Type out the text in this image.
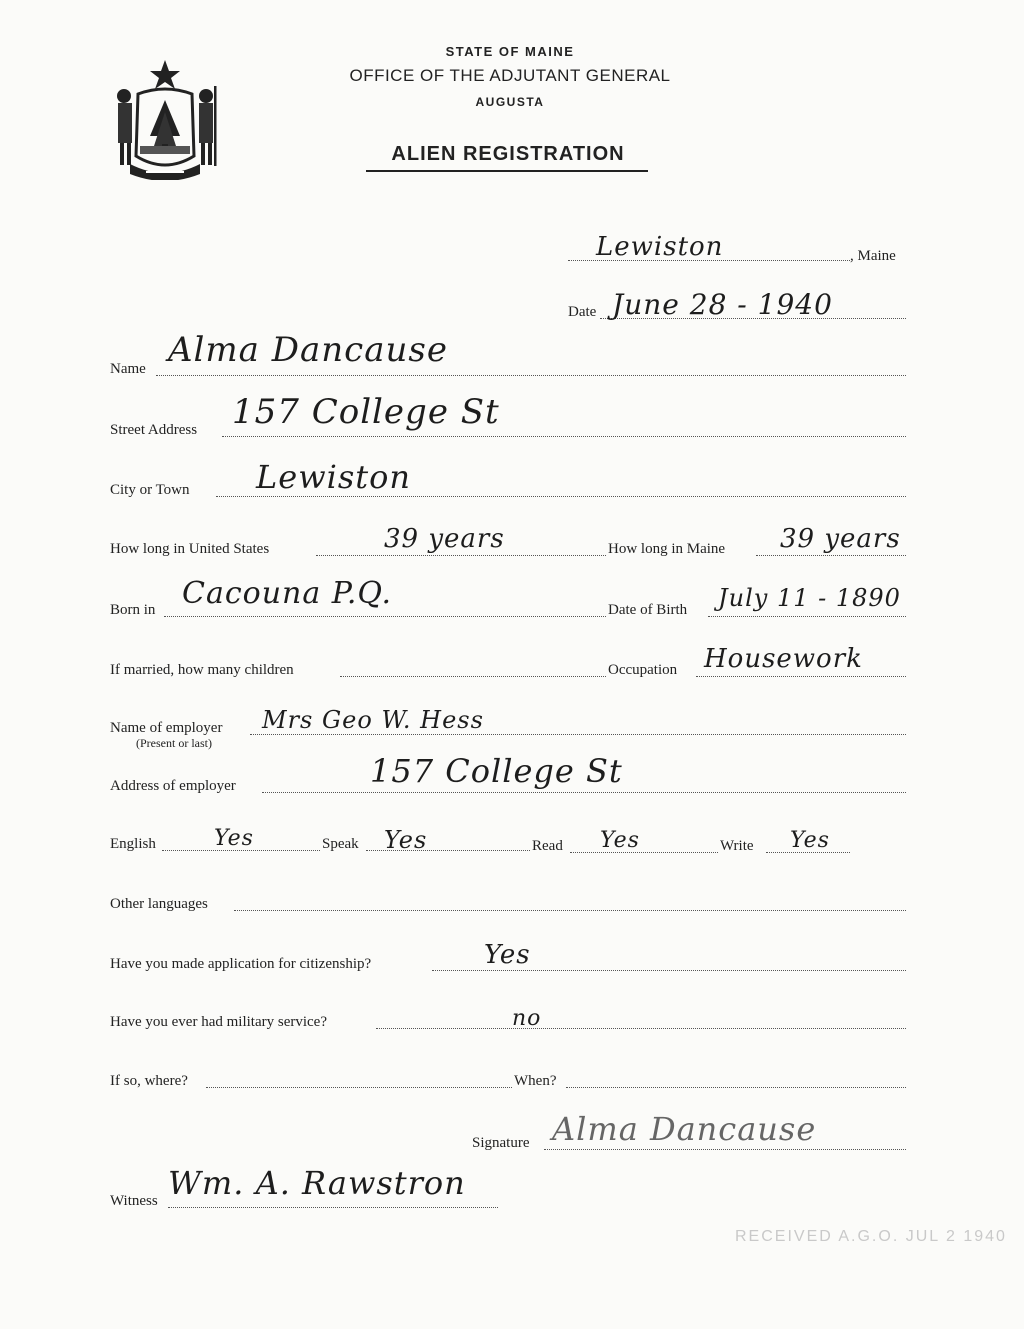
STATE OF MAINE
OFFICE OF THE ADJUTANT GENERAL
AUGUSTA
ALIEN REGISTRATION
Lewiston	, Maine
Date June 28 - 1940
Name Alma Dancause
Street Address 157 College St
City or Town Lewiston
How long in United States	39 years	How long in Maine 39 years
Born in Cacouna P.Q.	Date of Birth July 11 - 1890
If married, how many children	Occupation Housework
Name of employer
(Present or last)
Mrs Geo W. Hess
Address of employer	157 College St
English	Yes	Speak Yes	Read Yes	Write Yes
Other languages
Have you made application for citizenship?	Yes
Have you ever had military service?	no
If so, where?	When?
Signature Alma Dancause
Witness Wm. A. Rawstron
RECEIVED A.G.O. JUL 2 1940
